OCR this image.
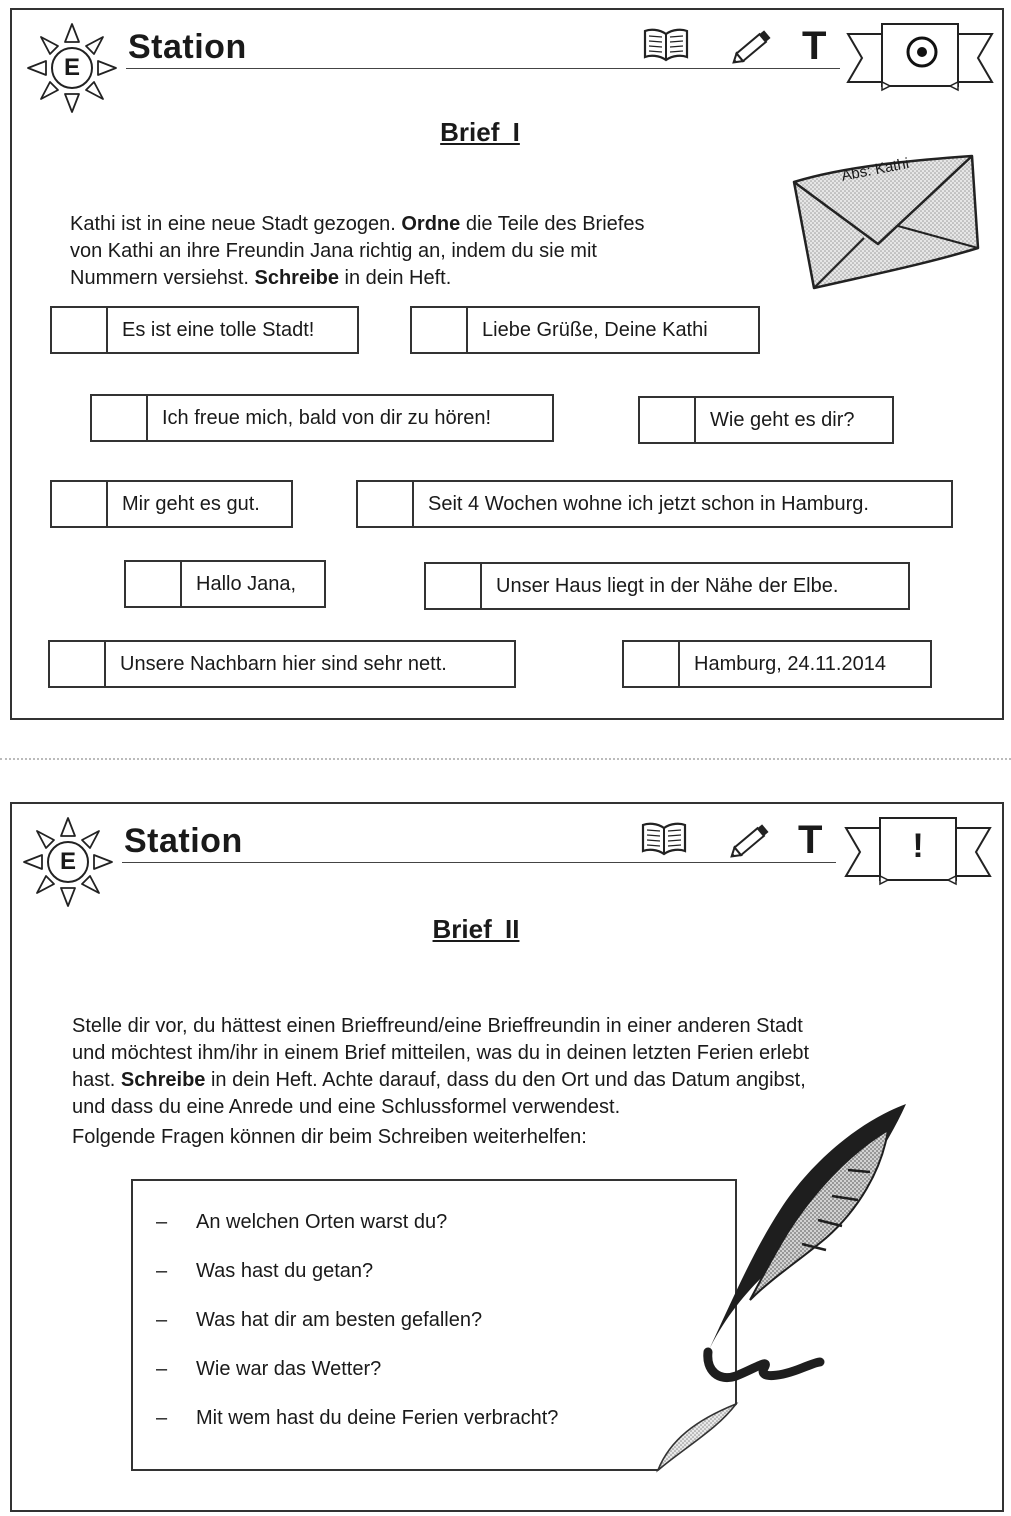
E
Station	T
Brief I

Kathi ist in eine neue Stadt gezogen. Ordne die Teile des Briefes
von Kathi an ihre Freundin Jana richtig an, indem du sie mit
Nummern versiehst. Schreibe in dein Heft.

Abs: Kathi
Es ist eine tolle Stadt!	Liebe Grüße, Deine Kathi
Ich freue mich, bald von dir zu hören!	Wie geht es dir?
Mir geht es gut.	Seit 4 Wochen wohne ich jetzt schon in Hamburg.
Hallo Jana,	Unser Haus liegt in der Nähe der Elbe.
Unsere Nachbarn hier sind sehr nett.	Hamburg, 24.11.2014
E
Station	T	!
Brief II

Stelle dir vor, du hättest einen Brieffreund/eine Brieffreundin in einer anderen Stadt
und möchtest ihm/ihr in einem Brief mitteilen, was du in deinen letzten Ferien erlebt
hast. Schreibe in dein Heft. Achte darauf, dass du den Ort und das Datum angibst,
und dass du eine Anrede und eine Schlussformel verwendest.

Folgende Fragen können dir beim Schreiben weiterhelfen:
–	An welchen Orten warst du?
–	Was hast du getan?
–	Was hat dir am besten gefallen?
–	Wie war das Wetter?
–	Mit wem hast du deine Ferien verbracht?
